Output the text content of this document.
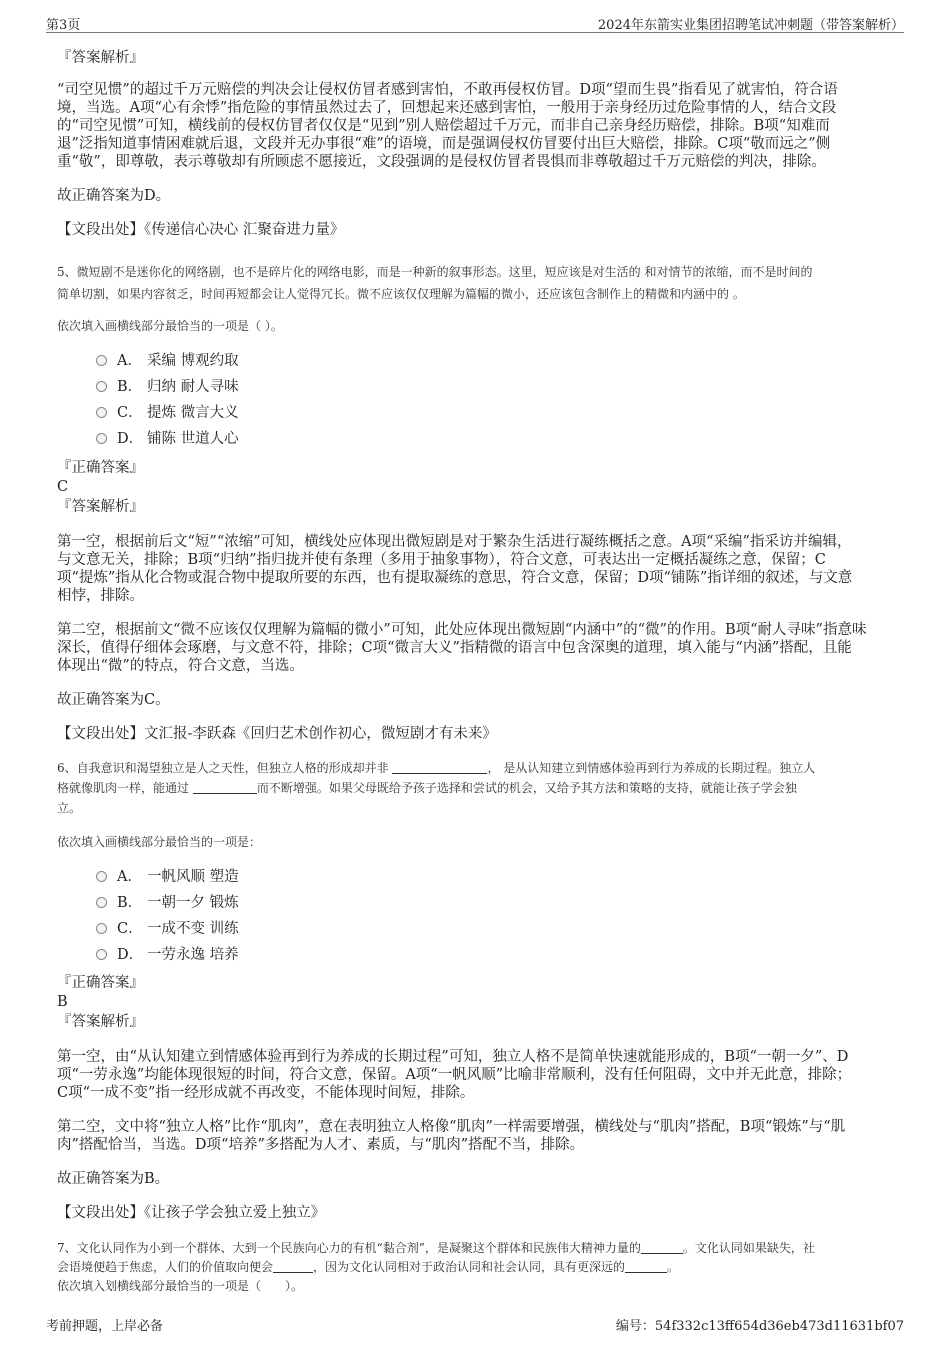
第3页	2024年东箭实业集团招聘笔试冲刺题（带答案解析）
『答案解析』
“司空见惯”的超过千万元赔偿的判决会让侵权仿冒者感到害怕，不敢再侵权仿冒。D项“望而生畏”指看见了就害怕，符合语
境，当选。A项“心有余悸”指危险的事情虽然过去了，回想起来还感到害怕，一般用于亲身经历过危险事情的人，结合文段
的“司空见惯”可知，横线前的侵权仿冒者仅仅是“见到”别人赔偿超过千万元，而非自己亲身经历赔偿，排除。B项“知难而
退”泛指知道事情困难就后退，文段并无办事很“难”的语境，而是强调侵权仿冒要付出巨大赔偿，排除。C项“敬而远之”侧
重“敬”，即尊敬，表示尊敬却有所顾虑不愿接近，文段强调的是侵权仿冒者畏惧而非尊敬超过千万元赔偿的判决，排除。
故正确答案为D。
【文段出处】《传递信心决心 汇聚奋进力量》
5、微短剧不是迷你化的网络剧，也不是碎片化的网络电影，而是一种新的叙事形态。这里，短应该是对生活的 和对情节的浓缩，而不是时间的
简单切割，如果内容贫乏，时间再短都会让人觉得冗长。微不应该仅仅理解为篇幅的微小，还应该包含制作上的精微和内涵中的 。
依次填入画横线部分最恰当的一项是（ ）。
A． 采编 博观约取
B． 归纳 耐人寻味
C． 提炼 微言大义
D． 铺陈 世道人心
『正确答案』
C
『答案解析』
第一空，根据前后文“短”“浓缩”可知，横线处应体现出微短剧是对于繁杂生活进行凝练概括之意。A项“采编”指采访并编辑，
与文意无关，排除；B项“归纳”指归拢并使有条理（多用于抽象事物），符合文意，可表达出一定概括凝练之意，保留；C
项“提炼”指从化合物或混合物中提取所要的东西，也有提取凝练的意思，符合文意，保留；D项“铺陈”指详细的叙述，与文意
相悖，排除。
第二空，根据前文“微不应该仅仅理解为篇幅的微小”可知，此处应体现出微短剧“内涵中”的“微”的作用。B项“耐人寻味”指意味
深长，值得仔细体会琢磨，与文意不符，排除；C项“微言大义”指精微的语言中包含深奥的道理，填入能与“内涵”搭配，且能
体现出“微”的特点，符合文意，当选。
故正确答案为C。
【文段出处】文汇报-李跃森《回归艺术创作初心，微短剧才有未来》
6、自我意识和渴望独立是人之天性，但独立人格的形成却并非	， 是从认知建立到情感体验再到行为养成的长期过程。独立人
格就像肌肉一样，能通过	而不断增强。如果父母既给予孩子选择和尝试的机会，又给予其方法和策略的支持，就能让孩子学会独
立。
依次填入画横线部分最恰当的一项是：
A． 一帆风顺 塑造
B． 一朝一夕 锻炼
C． 一成不变 训练
D． 一劳永逸 培养
『正确答案』
B
『答案解析』
第一空，由“从认知建立到情感体验再到行为养成的长期过程”可知，独立人格不是简单快速就能形成的，B项“一朝一夕”、D
项“一劳永逸”均能体现很短的时间，符合文意，保留。A项“一帆风顺”比喻非常顺利，没有任何阻碍，文中并无此意，排除；
C项“一成不变”指一经形成就不再改变，不能体现时间短，排除。
第二空，文中将“独立人格”比作“肌肉”，意在表明独立人格像“肌肉”一样需要增强，横线处与“肌肉”搭配，B项“锻炼”与“肌
肉”搭配恰当，当选。D项“培养”多搭配为人才、素质，与“肌肉”搭配不当，排除。
故正确答案为B。
【文段出处】《让孩子学会独立爱上独立》
7、文化认同作为小到一个群体、大到一个民族向心力的有机“黏合剂”，是凝聚这个群体和民族伟大精神力量的	。文化认同如果缺失，社
会语境便趋于焦虑，人们的价值取向便会	，因为文化认同相对于政治认同和社会认同，具有更深远的	。
依次填入划横线部分最恰当的一项是（　　）。
考前押题，上岸必备	编号：54f332c13ff654d36eb473d11631bf07
